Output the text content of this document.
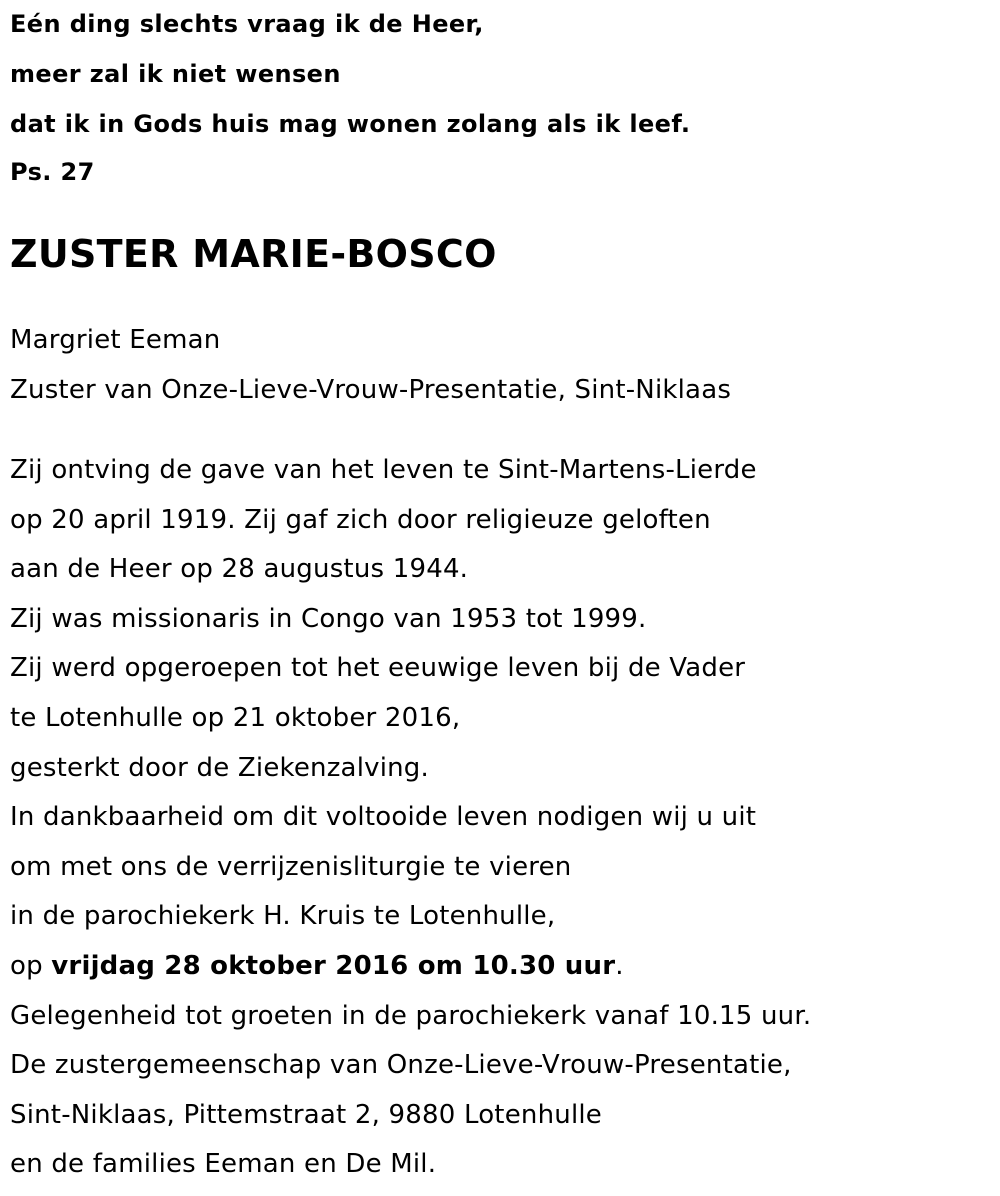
Eén ding slechts vraag ik de Heer,

meer zal ik niet wensen

dat ik in Gods huis mag wonen zolang als ik leef.

Ps. 27

ZUSTER MARIE-BOSCO

Margriet Eeman

Zuster van Onze-Lieve-Vrouw-Presentatie, Sint-Niklaas

Zij ontving de gave van het leven te Sint-Martens-Lierde

op 20 april 1919. Zij gaf zich door religieuze geloften

aan de Heer op 28 augustus 1944.

Zij was missionaris in Congo van 1953 tot 1999.

Zij werd opgeroepen tot het eeuwige leven bij de Vader

te Lotenhulle op 21 oktober 2016,

gesterkt door de Ziekenzalving.

In dankbaarheid om dit voltooide leven nodigen wij u uit

om met ons de verrijzenisliturgie te vieren

in de parochiekerk H. Kruis te Lotenhulle,

op vrijdag 28 oktober 2016 om 10.30 uur.

Gelegenheid tot groeten in de parochiekerk vanaf 10.15 uur.

De zustergemeenschap van Onze-Lieve-Vrouw-Presentatie,

Sint-Niklaas, Pittemstraat 2, 9880 Lotenhulle

en de families Eeman en De Mil.
